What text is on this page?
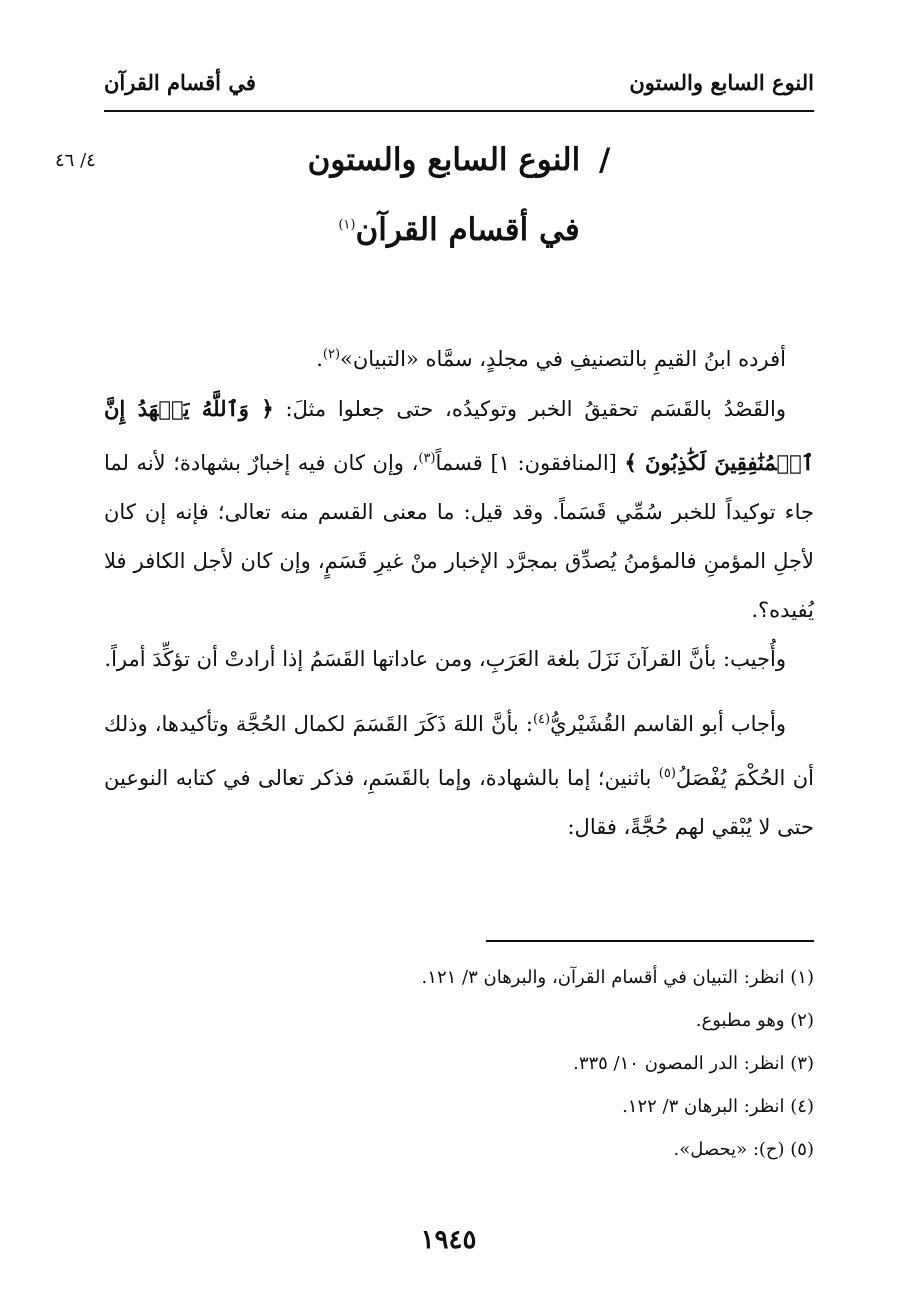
النوع السابع والستون
في أقسام القرآن
٤/ ٤٦	/ النوع السابع والستون
في أقسام القرآن$^{(١)}$

أفرده ابنُ القيمِ بالتصنيفِ في مجلدٍ، سمَّاه «التبيان»$^{(٢)}$.

والقَصْدُ بالقَسَم تحقيقُ الخبر وتوكيدُه، حتى جعلوا مثلَ: ﴿ وَٱللَّهُ يَشۡهَدُ إِنَّ ٱلۡمُنَٰفِقِينَ لَكَٰذِبُونَ ﴾ [المنافقون: ١] قسماً$^{(٣)}$، وإن كان فيه إخبارٌ بشهادة؛ لأنه لما جاء توكيداً للخبر سُمِّي قَسَماً. وقد قيل: ما معنى القسم منه تعالى؛ فإنه إن كان لأجلِ المؤمنِ فالمؤمنُ يُصدِّق بمجرَّد الإخبار منْ غيرِ قَسَمٍ، وإن كان لأجل الكافر فلا يُفيده؟.

وأُجيب: بأنَّ القرآنَ نَزَلَ بلغة العَرَبِ، ومن عاداتها القَسَمُ إذا أرادتْ أن تؤكِّدَ أمراً.

وأجاب أبو القاسم القُشَيْريُّ$^{(٤)}$: بأنَّ اللهَ ذَكَرَ القَسَمَ لكمال الحُجَّة وتأكيدها، وذلك أن الحُكْمَ يُفْصَلُ$^{(٥)}$ باثنين؛ إما بالشهادة، وإما بالقَسَمِ، فذكر تعالى في كتابه النوعين حتى لا يُبْقي لهم حُجَّةً، فقال:

(١) انظر: التبيان في أقسام القرآن، والبرهان ٣/ ١٢١.
(٢) وهو مطبوع.
(٣) انظر: الدر المصون ١٠/ ٣٣٥.
(٤) انظر: البرهان ٣/ ١٢٢.
(٥) (ح): «يحصل».
١٩٤٥
